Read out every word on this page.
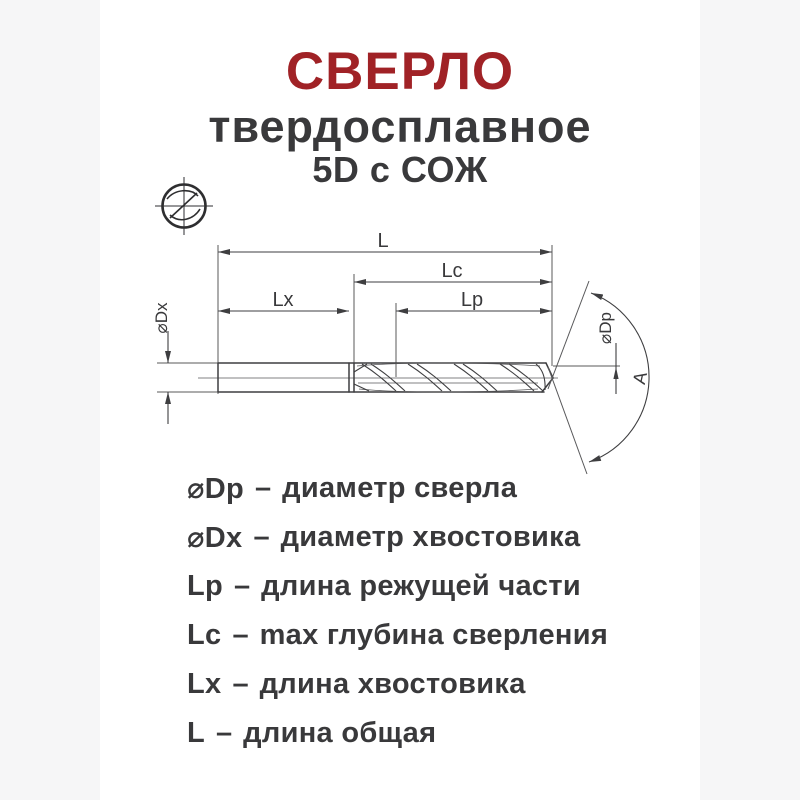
СВЕРЛО
твердосплавное
5D с СОЖ
L
Lc
Lx	Lp
⌀Dx	⌀Dp
A
⌀Dp – диаметр сверла
⌀Dx – диаметр хвостовика
Lp – длина режущей части
Lc – max глубина сверления
Lx – длина хвостовика
L – длина общая
